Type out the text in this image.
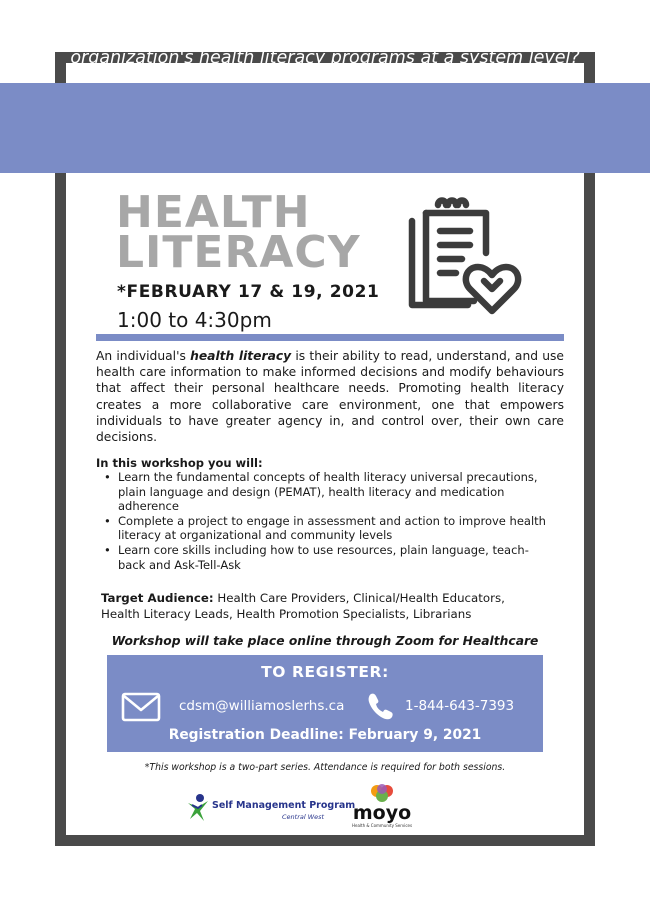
Are you looking for opportunities to assess your organization's health literacy programs at a system level?
HEALTH
LITERACY
*FEBRUARY 17 & 19, 2021
1:00 to 4:30pm
An individual's health literacy is their ability to read, understand, and use health care information to make informed decisions and modify behaviours that affect their personal healthcare needs. Promoting health literacy creates a more collaborative care environment, one that empowers individuals to have greater agency in, and control over, their own care decisions.
In this workshop you will:
• Learn the fundamental concepts of health literacy universal precautions, plain language and design (PEMAT), health literacy and medication adherence
• Complete a project to engage in assessment and action to improve health literacy at organizational and community levels
• Learn core skills including how to use resources, plain language, teach-back and Ask-Tell-Ask
Target Audience: Health Care Providers, Clinical/Health Educators, Health Literacy Leads, Health Promotion Specialists, Librarians
Workshop will take place online through Zoom for Healthcare
TO REGISTER:
cdsm@williamoslerhs.ca	1-844-643-7393
Registration Deadline: February 9, 2021
*This workshop is a two-part series. Attendance is required for both sessions.
Self Management Program
Central West moyo
Health & Community Services
